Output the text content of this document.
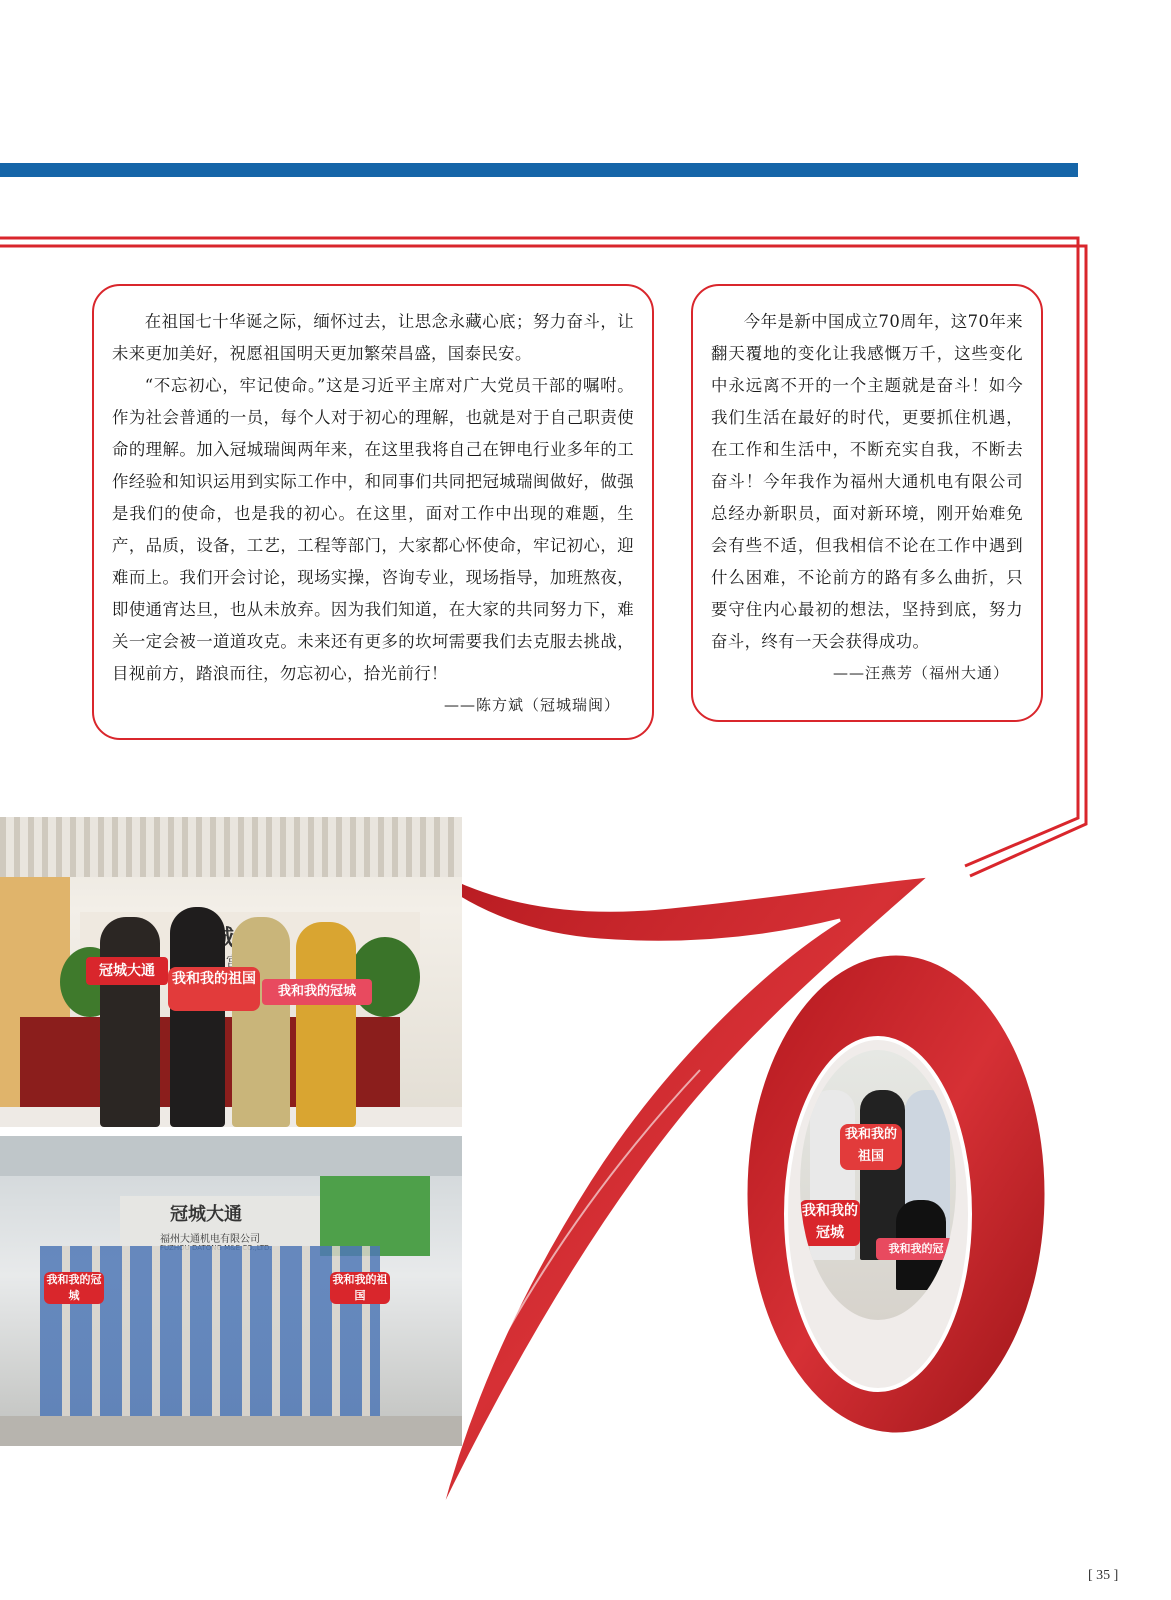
在祖国七十华诞之际，缅怀过去，让思念永藏心底；努力奋斗，让未来更加美好，祝愿祖国明天更加繁荣昌盛，国泰民安。

“不忘初心，牢记使命。”这是习近平主席对广大党员干部的嘱咐。作为社会普通的一员，每个人对于初心的理解，也就是对于自己职责使命的理解。加入冠城瑞闽两年来，在这里我将自己在钾电行业多年的工作经验和知识运用到实际工作中，和同事们共同把冠城瑞闽做好，做强是我们的使命，也是我的初心。在这里，面对工作中出现的难题，生产，品质，设备，工艺，工程等部门，大家都心怀使命，牢记初心，迎难而上。我们开会讨论，现场实操，咨询专业，现场指导，加班熬夜，即使通宵达旦，也从未放弃。因为我们知道，在大家的共同努力下，难关一定会被一道道攻克。未来还有更多的坎坷需要我们去克服去挑战，目视前方，踏浪而往，勿忘初心，拾光前行！

——陈方斌（冠城瑞闽）

今年是新中国成立70周年，这70年来翻天覆地的变化让我感慨万千，这些变化中永远离不开的一个主题就是奋斗！如今我们生活在最好的时代，更要抓住机遇，在工作和生活中，不断充实自我，不断去奋斗！今年我作为福州大通机电有限公司总经办新职员，面对新环境，刚开始难免会有些不适，但我相信不论在工作中遇到什么困难，不论前方的路有多么曲折，只要守住内心最初的想法，坚持到底，努力奋斗，终有一天会获得成功。

——汪燕芳（福州大通）
冠城大通	我和我的祖国
我和我的冠城
冠城大通
福州大通机电有限公司
我和我的冠城
我和我的祖国
我和我的祖国
我和我的冠城
我和我的冠
[ 35 ]
